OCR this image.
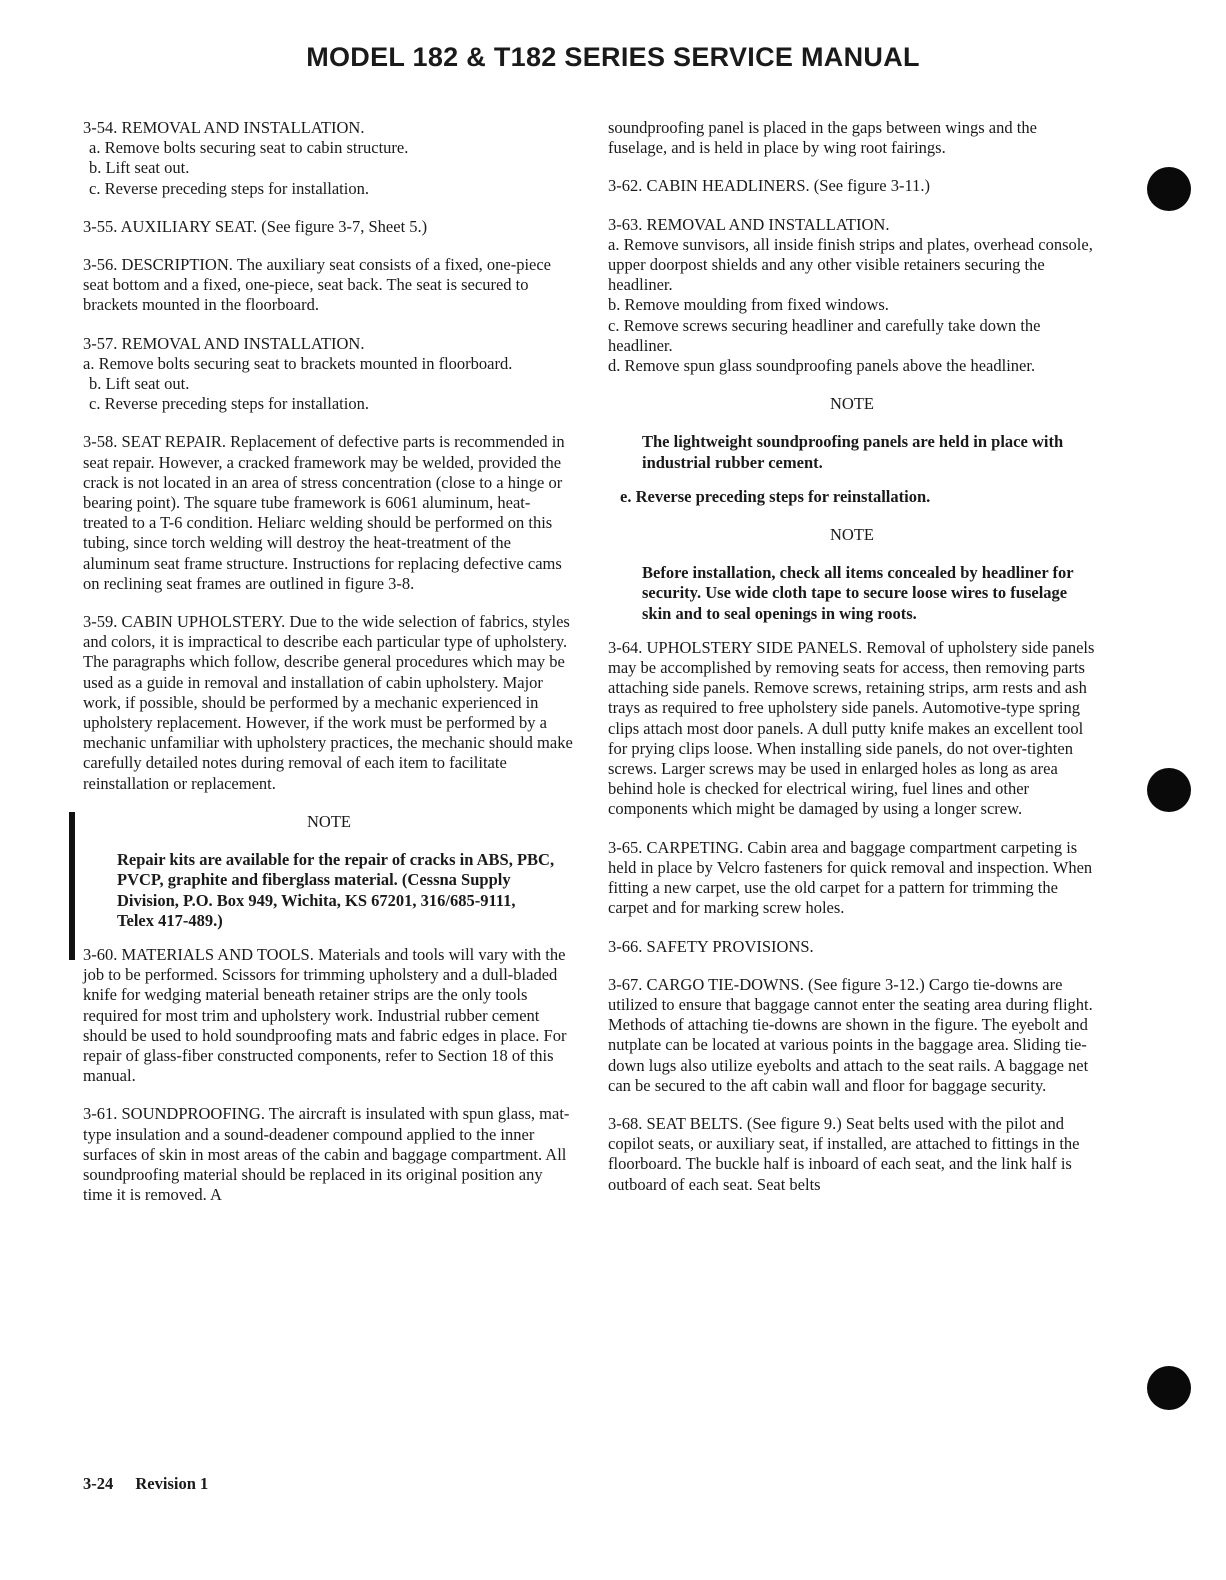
MODEL 182 & T182 SERIES SERVICE MANUAL

3-54. REMOVAL AND INSTALLATION.

a. Remove bolts securing seat to cabin structure.

b. Lift seat out.

c. Reverse preceding steps for installation.

3-55. AUXILIARY SEAT. (See figure 3-7, Sheet 5.)

3-56. DESCRIPTION. The auxiliary seat consists of a fixed, one-piece seat bottom and a fixed, one-piece, seat back. The seat is secured to brackets mounted in the floorboard.

3-57. REMOVAL AND INSTALLATION.

a. Remove bolts securing seat to brackets mounted in floorboard.

b. Lift seat out.

c. Reverse preceding steps for installation.

3-58. SEAT REPAIR. Replacement of defective parts is recommended in seat repair. However, a cracked framework may be welded, provided the crack is not located in an area of stress concentration (close to a hinge or bearing point). The square tube framework is 6061 aluminum, heat-treated to a T-6 condition. Heliarc welding should be performed on this tubing, since torch welding will destroy the heat-treatment of the aluminum seat frame structure. Instructions for replacing defective cams on reclining seat frames are outlined in figure 3-8.

3-59. CABIN UPHOLSTERY. Due to the wide selection of fabrics, styles and colors, it is impractical to describe each particular type of upholstery. The paragraphs which follow, describe general procedures which may be used as a guide in removal and installation of cabin upholstery. Major work, if possible, should be performed by a mechanic experienced in upholstery replacement. However, if the work must be performed by a mechanic unfamiliar with upholstery practices, the mechanic should make carefully detailed notes during removal of each item to facilitate reinstallation or replacement.

NOTE

Repair kits are available for the repair of cracks in ABS, PBC, PVCP, graphite and fiberglass material. (Cessna Supply Division, P.O. Box 949, Wichita, KS 67201, 316/685-9111, Telex 417-489.)

3-60. MATERIALS AND TOOLS. Materials and tools will vary with the job to be performed. Scissors for trimming upholstery and a dull-bladed knife for wedging material beneath retainer strips are the only tools required for most trim and upholstery work. Industrial rubber cement should be used to hold soundproofing mats and fabric edges in place. For repair of glass-fiber constructed components, refer to Section 18 of this manual.

3-61. SOUNDPROOFING. The aircraft is insulated with spun glass, mat-type insulation and a sound-deadener compound applied to the inner surfaces of skin in most areas of the cabin and baggage compartment. All soundproofing material should be replaced in its original position any time it is removed. A

soundproofing panel is placed in the gaps between wings and the fuselage, and is held in place by wing root fairings.

3-62. CABIN HEADLINERS. (See figure 3-11.)

3-63. REMOVAL AND INSTALLATION.

a. Remove sunvisors, all inside finish strips and plates, overhead console, upper doorpost shields and any other visible retainers securing the headliner.

b. Remove moulding from fixed windows.

c. Remove screws securing headliner and carefully take down the headliner.

d. Remove spun glass soundproofing panels above the headliner.

NOTE

The lightweight soundproofing panels are held in place with industrial rubber cement.

e. Reverse preceding steps for reinstallation.

NOTE

Before installation, check all items concealed by headliner for security. Use wide cloth tape to secure loose wires to fuselage skin and to seal openings in wing roots.

3-64. UPHOLSTERY SIDE PANELS. Removal of upholstery side panels may be accomplished by removing seats for access, then removing parts attaching side panels. Remove screws, retaining strips, arm rests and ash trays as required to free upholstery side panels. Automotive-type spring clips attach most door panels. A dull putty knife makes an excellent tool for prying clips loose. When installing side panels, do not over-tighten screws. Larger screws may be used in enlarged holes as long as area behind hole is checked for electrical wiring, fuel lines and other components which might be damaged by using a longer screw.

3-65. CARPETING. Cabin area and baggage compartment carpeting is held in place by Velcro fasteners for quick removal and inspection. When fitting a new carpet, use the old carpet for a pattern for trimming the carpet and for marking screw holes.

3-66. SAFETY PROVISIONS.

3-67. CARGO TIE-DOWNS. (See figure 3-12.) Cargo tie-downs are utilized to ensure that baggage cannot enter the seating area during flight. Methods of attaching tie-downs are shown in the figure. The eyebolt and nutplate can be located at various points in the baggage area. Sliding tie-down lugs also utilize eyebolts and attach to the seat rails. A baggage net can be secured to the aft cabin wall and floor for baggage security.

3-68. SEAT BELTS. (See figure 9.) Seat belts used with the pilot and copilot seats, or auxiliary seat, if installed, are attached to fittings in the floorboard. The buckle half is inboard of each seat, and the link half is outboard of each seat. Seat belts

3-24 Revision 1
